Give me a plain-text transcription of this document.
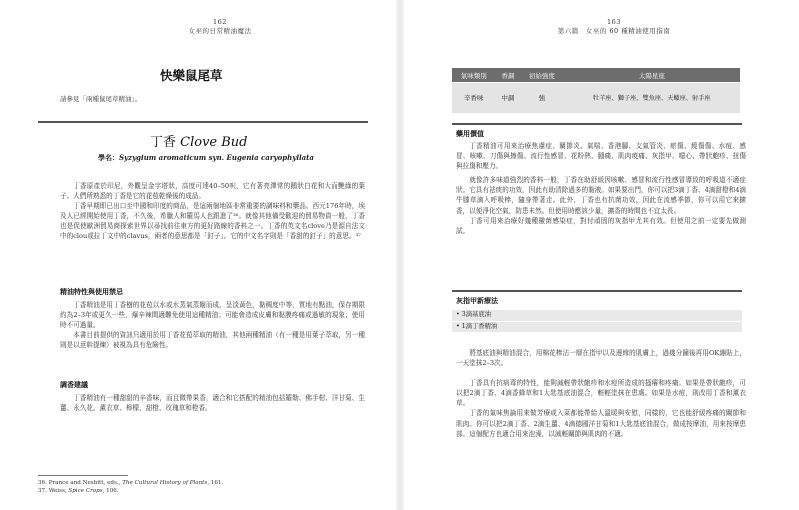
162
女巫的日常精油魔法
快樂鼠尾草
請參見「兩種鼠尾草精油」。
丁香 Clove Bud
學名：Syzygium aromaticum syn. Eugenia caryophyllata

丁香原產於印尼，外觀呈金字塔狀，高度可達40–50呎，它有著亮澤常的鵝狀白花和大而艷綠的葉子。人們所熟悉的丁香是它的花苞乾燥後的成品。

丁香早期即已出口至中國和印度的商品，是這兩個地區非常重要的調味料和藥品。西元176年時，埃及人已經開始使用丁香，不久後，希臘人和羅馬人也跟進了³⁶。就像其他備受歡迎的貿易物資一般，丁香也是促使歐洲貿易商探索世界以尋找前往東方的更好路線的香料之一。丁香的英文名clove乃是源自法文中的clou或拉丁文中的clavus，兩者的意思都是「釘子」。它的中文名字則是「香甜的釘子」的意思。³⁷

精油特性與使用禁忌

丁香精油是用丁香樹的花苞以水或水蒸氣蒸餾而成，呈淡黃色，黏稠度中等，質地有點油，保存期限約為2–3年或更久一些，爆辛辣間適難免使用這種精油；可能會造成皮膚和黏膜疼痛或過敏的現象；使用時不可過量。

本書目前提供的資訊只適用於用丁香花苞萃取的精油，其他兩種精油（有一種是用葉子萃取，另一種則是以莖幹提煉）被視為具有危險性。

調香建議

丁香精油有一種甜甜的辛香味，而且微帶果香，適合和它搭配的精油包括羅勒、佛手柑、洋甘菊、生薑、永久花、薰衣草、檸檬、甜橙、玫瑰草和橙香。

36. Prance and Nesbitt, eds., The Cultural History of Plants, 161.
37. Weiss, Spice Crops, 106.
163
第六篇　女巫的 60 種精油使用指南
氣味類別	香調	初始強度	太陽星座
辛香味	中調	強	牡羊座、獅子座、雙魚座、天蠍座、射手座
藥用價值

丁香精油可用來治療焦慮症、關節炎、氣喘、香港腳、支氣管炎、瘀傷、燒傷傷、水痘、感冒、咳嗽、刀傷與擦傷、流行性感冒、花粉熱、腫痛、肌肉痠痛、灰指甲、噁心、帶狀皰疹、扭傷與拉傷和壓力。

就像許多味道強烈的香料一般，丁香在助舒緩因咳嗽、感冒和流行性感冒導致的呼吸道不適症狀。它具有祛痰的功效，因此有助清除過多的黏液。如果要出門，你可以把3滴丁香、4滴甜橙和4滴牛膝草滴入呼吸棒，隨身帶著走。此外，丁香也有抗菌功效，因此在流感季節，你可以用它來擴香，以便淨化空氣，防患未然。但使用時應該少量，擴香的時間也不宜太長。

丁香可用來治療好幾種黴菌感染症，對付頑固的灰指甲尤其有效。但使用之前一定要先做測試。

灰指甲新療法
• 3滴基底油
• 1滴丁香精油

將基底油與精油混合，用棉花棒沾一層在指甲以及邊緣的肌膚上，過幾分鐘後再用OK繃貼上，一天塗抹2–3次。

丁香具有抗病毒的特性，能夠減輕帶狀皰疹和水痘所造成的搔癢和疼痛。如果是帶狀皰疹，可以把2滴丁香、4滴香蜂草和1大匙基底油混合，輕輕塗抹在患處。如果是水痘，則改用丁香和薰衣草。

丁香的氣味焦論用來做芳療或入菜都能帶給人溫暖與安慰，同樣的，它也能舒緩疼痛的關節和肌肉。你可以把2滴丁香、2滴生薑、4滴德國洋甘菊和1大匙基底油混合，做成按摩油，用來按摩患部。這個配方也適合用來泡澡，以減輕關節與肌肉的不適。
